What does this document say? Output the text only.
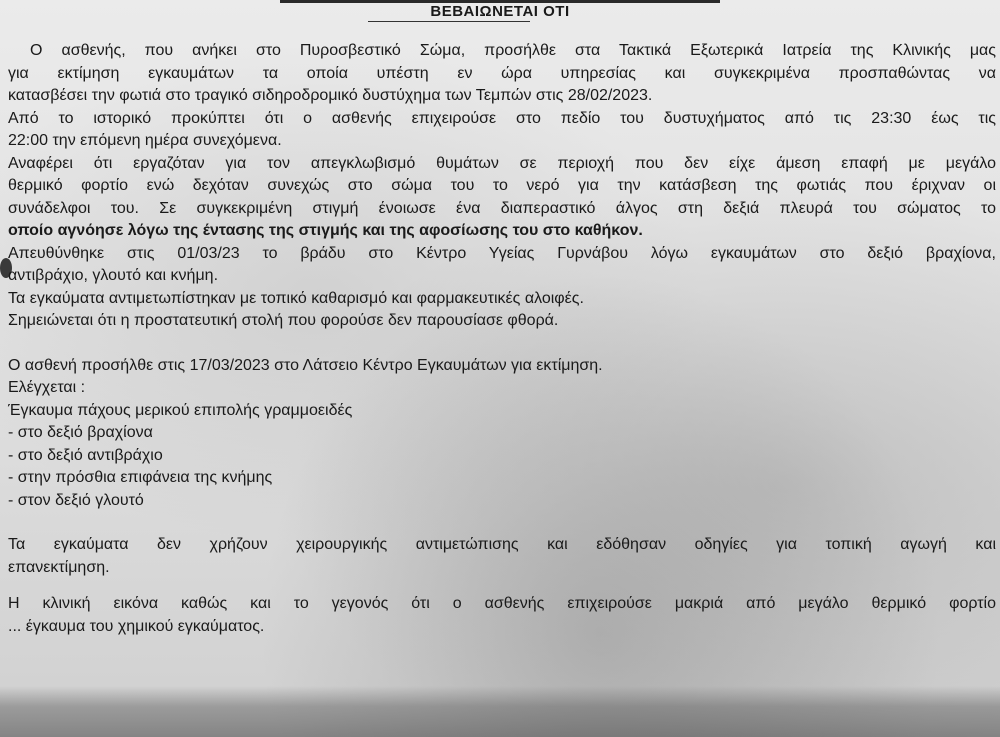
ΒΕΒΑΙΩΝΕΤΑΙ ΟΤΙ

Ο ασθενής, που ανήκει στο Πυροσβεστικό Σώμα, προσήλθε στα Τακτικά Εξωτερικά Ιατρεία της Κλινικής μας

για εκτίμηση εγκαυμάτων τα οποία υπέστη εν ώρα υπηρεσίας και συγκεκριμένα προσπαθώντας να

κατασβέσει την φωτιά στο τραγικό σιδηροδρομικό δυστύχημα των Τεμπών στις 28/02/2023.

Από το ιστορικό προκύπτει ότι ο ασθενής επιχειρούσε στο πεδίο του δυστυχήματος από τις 23:30 έως τις

22:00 την επόμενη ημέρα συνεχόμενα.

Αναφέρει ότι εργαζόταν για τον απεγκλωβισμό θυμάτων σε περιοχή που δεν είχε άμεση επαφή με μεγάλο

θερμικό φορτίο ενώ δεχόταν συνεχώς στο σώμα του το νερό για την κατάσβεση της φωτιάς που έριχναν οι

συνάδελφοι του. Σε συγκεκριμένη στιγμή ένοιωσε ένα διαπεραστικό άλγος στη δεξιά πλευρά του σώματος το

οποίο αγνόησε λόγω της έντασης της στιγμής και της αφοσίωσης του στο καθήκον.

Απευθύνθηκε στις 01/03/23 το βράδυ στο Κέντρο Υγείας Γυρνάβου λόγω εγκαυμάτων στο δεξιό βραχίονα,

αντιβράχιο, γλουτό και κνήμη.

Τα εγκαύματα αντιμετωπίστηκαν με τοπικό καθαρισμό και φαρμακευτικές αλοιφές.

Σημειώνεται ότι η προστατευτική στολή που φορούσε δεν παρουσίασε φθορά.

Ο ασθενή προσήλθε στις 17/03/2023 στο Λάτσειο Κέντρο Εγκαυμάτων για εκτίμηση.

Ελέγχεται :

Έγκαυμα πάχους μερικού επιπολής γραμμοειδές

- στο δεξιό βραχίονα

- στο δεξιό αντιβράχιο

- στην πρόσθια επιφάνεια της κνήμης

- στον δεξιό γλουτό

Τα εγκαύματα δεν χρήζουν χειρουργικής αντιμετώπισης και εδόθησαν οδηγίες για τοπική αγωγή και

επανεκτίμηση.

Η κλινική εικόνα καθώς και το γεγονός ότι ο ασθενής επιχειρούσε μακριά από μεγάλο θερμικό φορτίο

... έγκαυμα του χημικού εγκαύματος.
